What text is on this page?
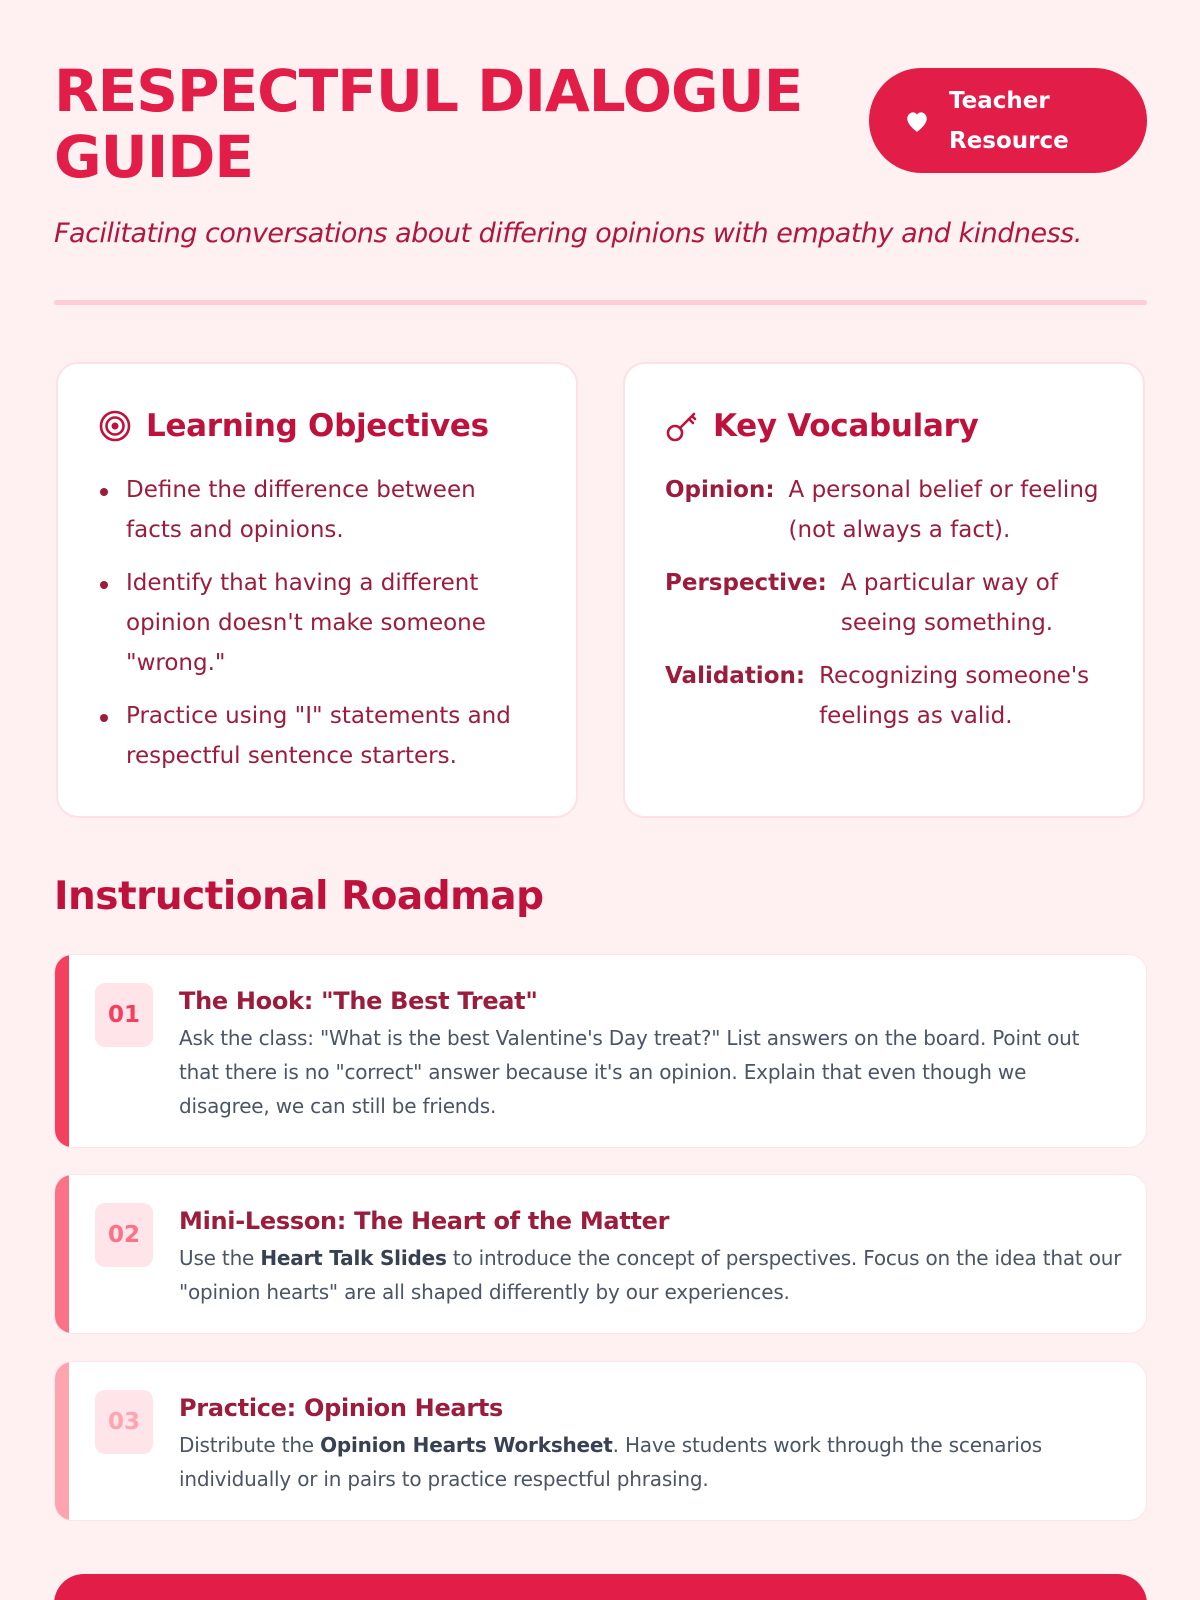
RESPECTFUL DIALOGUE GUIDE
Teacher Resource

Facilitating conversations about differing opinions with empathy and kindness.

Learning Objectives
Define the difference between facts and opinions.
Identify that having a different opinion doesn't make someone "wrong."
Practice using "I" statements and respectful sentence starters.
Key Vocabulary
Opinion: A personal belief or feeling (not always a fact).
Perspective: A particular way of seeing something.
Validation: Recognizing someone's feelings as valid.
Instructional Roadmap
01	The Hook: "The Best Treat"

Ask the class: "What is the best Valentine's Day treat?" List answers on the board. Point out that there is no "correct" answer because it's an opinion. Explain that even though we disagree, we can still be friends.

02	Mini-Lesson: The Heart of the Matter

Use the Heart Talk Slides to introduce the concept of perspectives. Focus on the idea that our "opinion hearts" are all shaped differently by our experiences.

03	Practice: Opinion Hearts

Distribute the Opinion Hearts Worksheet. Have students work through the scenarios individually or in pairs to practice respectful phrasing.
